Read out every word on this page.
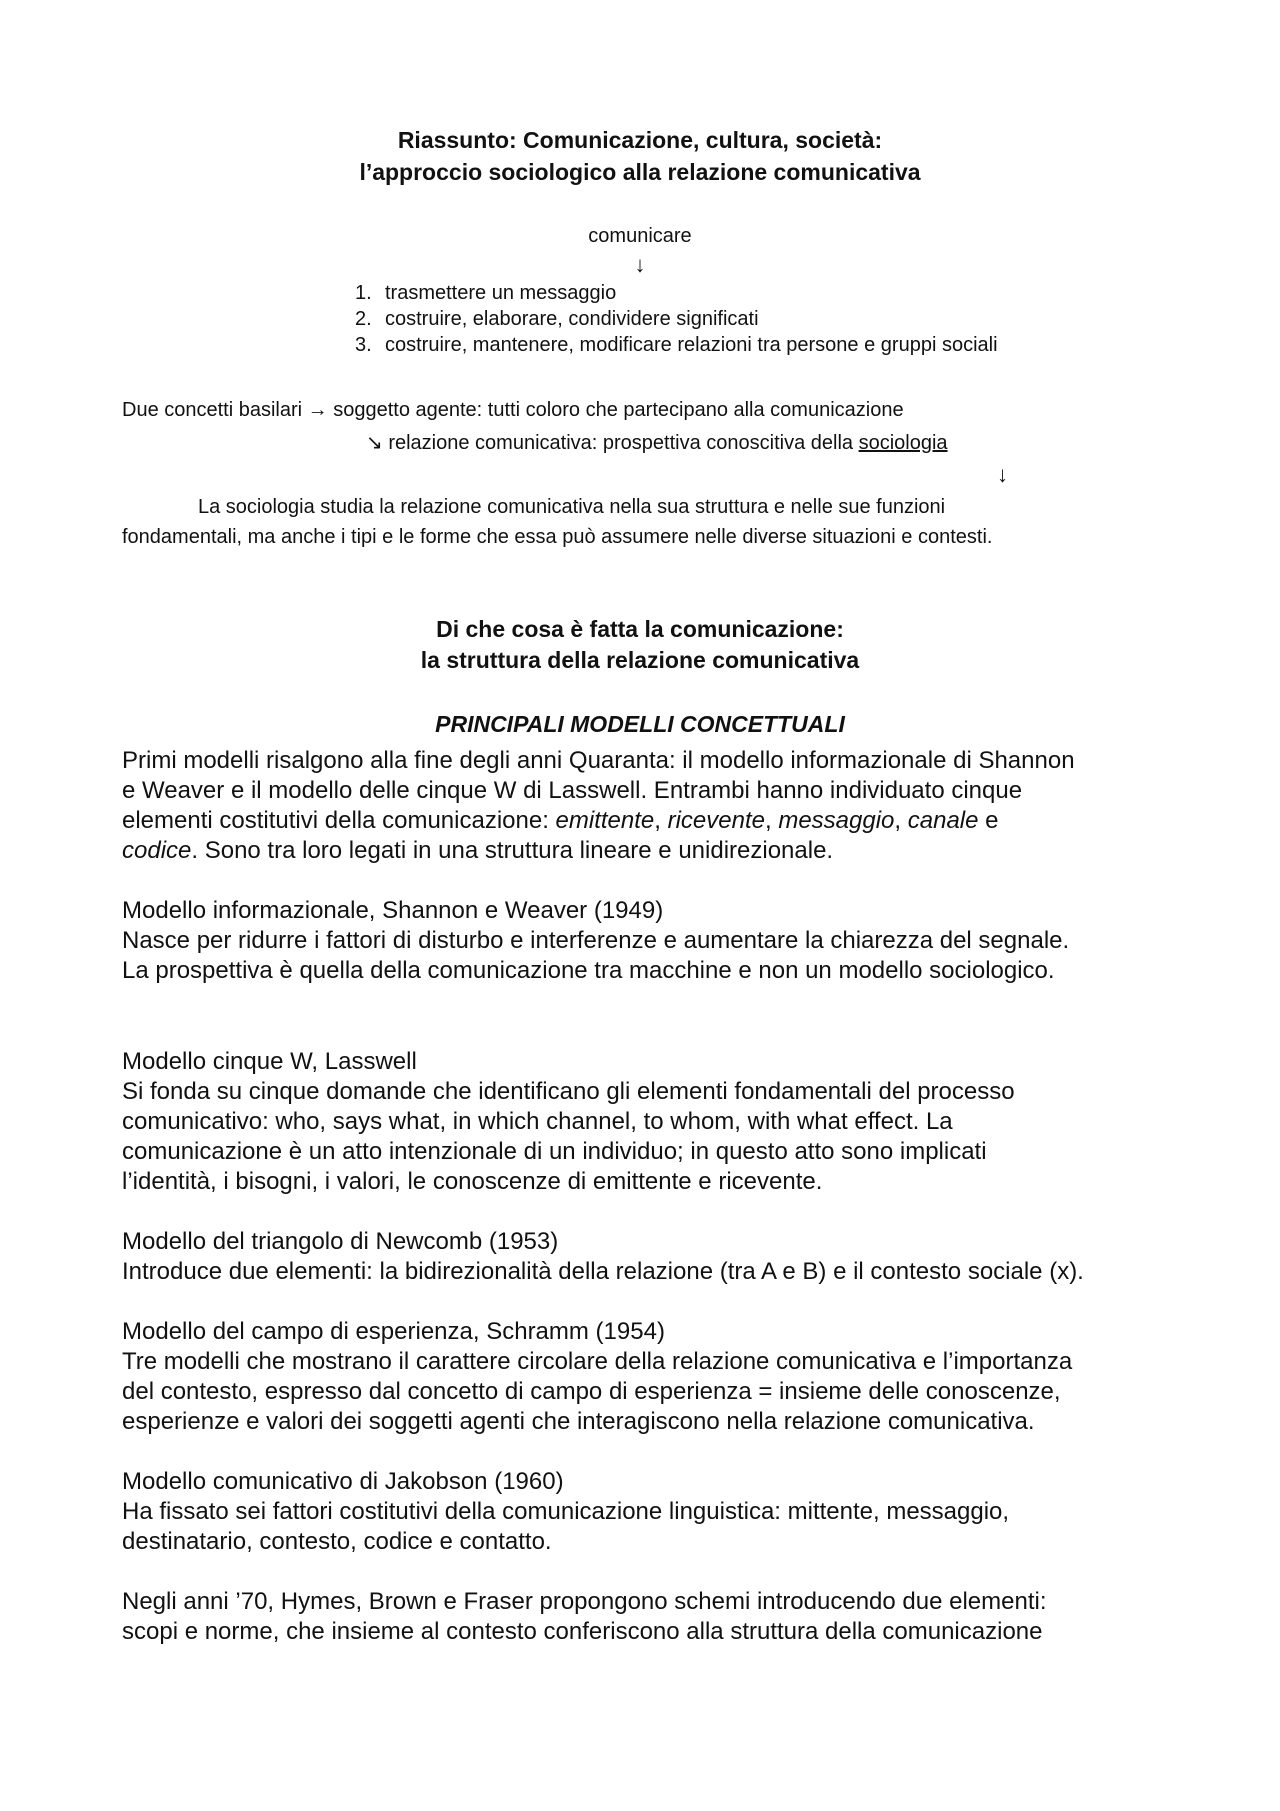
Riassunto: Comunicazione, cultura, società:
l’approccio sociologico alla relazione comunicativa
comunicare
↓
1. trasmettere un messaggio
2. costruire, elaborare, condividere significati
3. costruire, mantenere, modificare relazioni tra persone e gruppi sociali
Due concetti basilari → soggetto agente: tutti coloro che partecipano alla comunicazione
↘ relazione comunicativa: prospettiva conoscitiva della sociologia
↓
La sociologia studia la relazione comunicativa nella sua struttura e nelle sue funzioni
fondamentali, ma anche i tipi e le forme che essa può assumere nelle diverse situazioni e contesti.
Di che cosa è fatta la comunicazione:
la struttura della relazione comunicativa
PRINCIPALI MODELLI CONCETTUALI
Primi modelli risalgono alla fine degli anni Quaranta: il modello informazionale di Shannon
e Weaver e il modello delle cinque W di Lasswell. Entrambi hanno individuato cinque
elementi costitutivi della comunicazione: emittente, ricevente, messaggio, canale e
codice. Sono tra loro legati in una struttura lineare e unidirezionale.
Modello informazionale, Shannon e Weaver (1949)
Nasce per ridurre i fattori di disturbo e interferenze e aumentare la chiarezza del segnale.
La prospettiva è quella della comunicazione tra macchine e non un modello sociologico.
Modello cinque W, Lasswell
Si fonda su cinque domande che identificano gli elementi fondamentali del processo
comunicativo: who, says what, in which channel, to whom, with what effect. La
comunicazione è un atto intenzionale di un individuo; in questo atto sono implicati
l’identità, i bisogni, i valori, le conoscenze di emittente e ricevente.
Modello del triangolo di Newcomb (1953)
Introduce due elementi: la bidirezionalità della relazione (tra A e B) e il contesto sociale (x).
Modello del campo di esperienza, Schramm (1954)
Tre modelli che mostrano il carattere circolare della relazione comunicativa e l’importanza
del contesto, espresso dal concetto di campo di esperienza = insieme delle conoscenze,
esperienze e valori dei soggetti agenti che interagiscono nella relazione comunicativa.
Modello comunicativo di Jakobson (1960)
Ha fissato sei fattori costitutivi della comunicazione linguistica: mittente, messaggio,
destinatario, contesto, codice e contatto.
Negli anni ’70, Hymes, Brown e Fraser propongono schemi introducendo due elementi:
scopi e norme, che insieme al contesto conferiscono alla struttura della comunicazione
